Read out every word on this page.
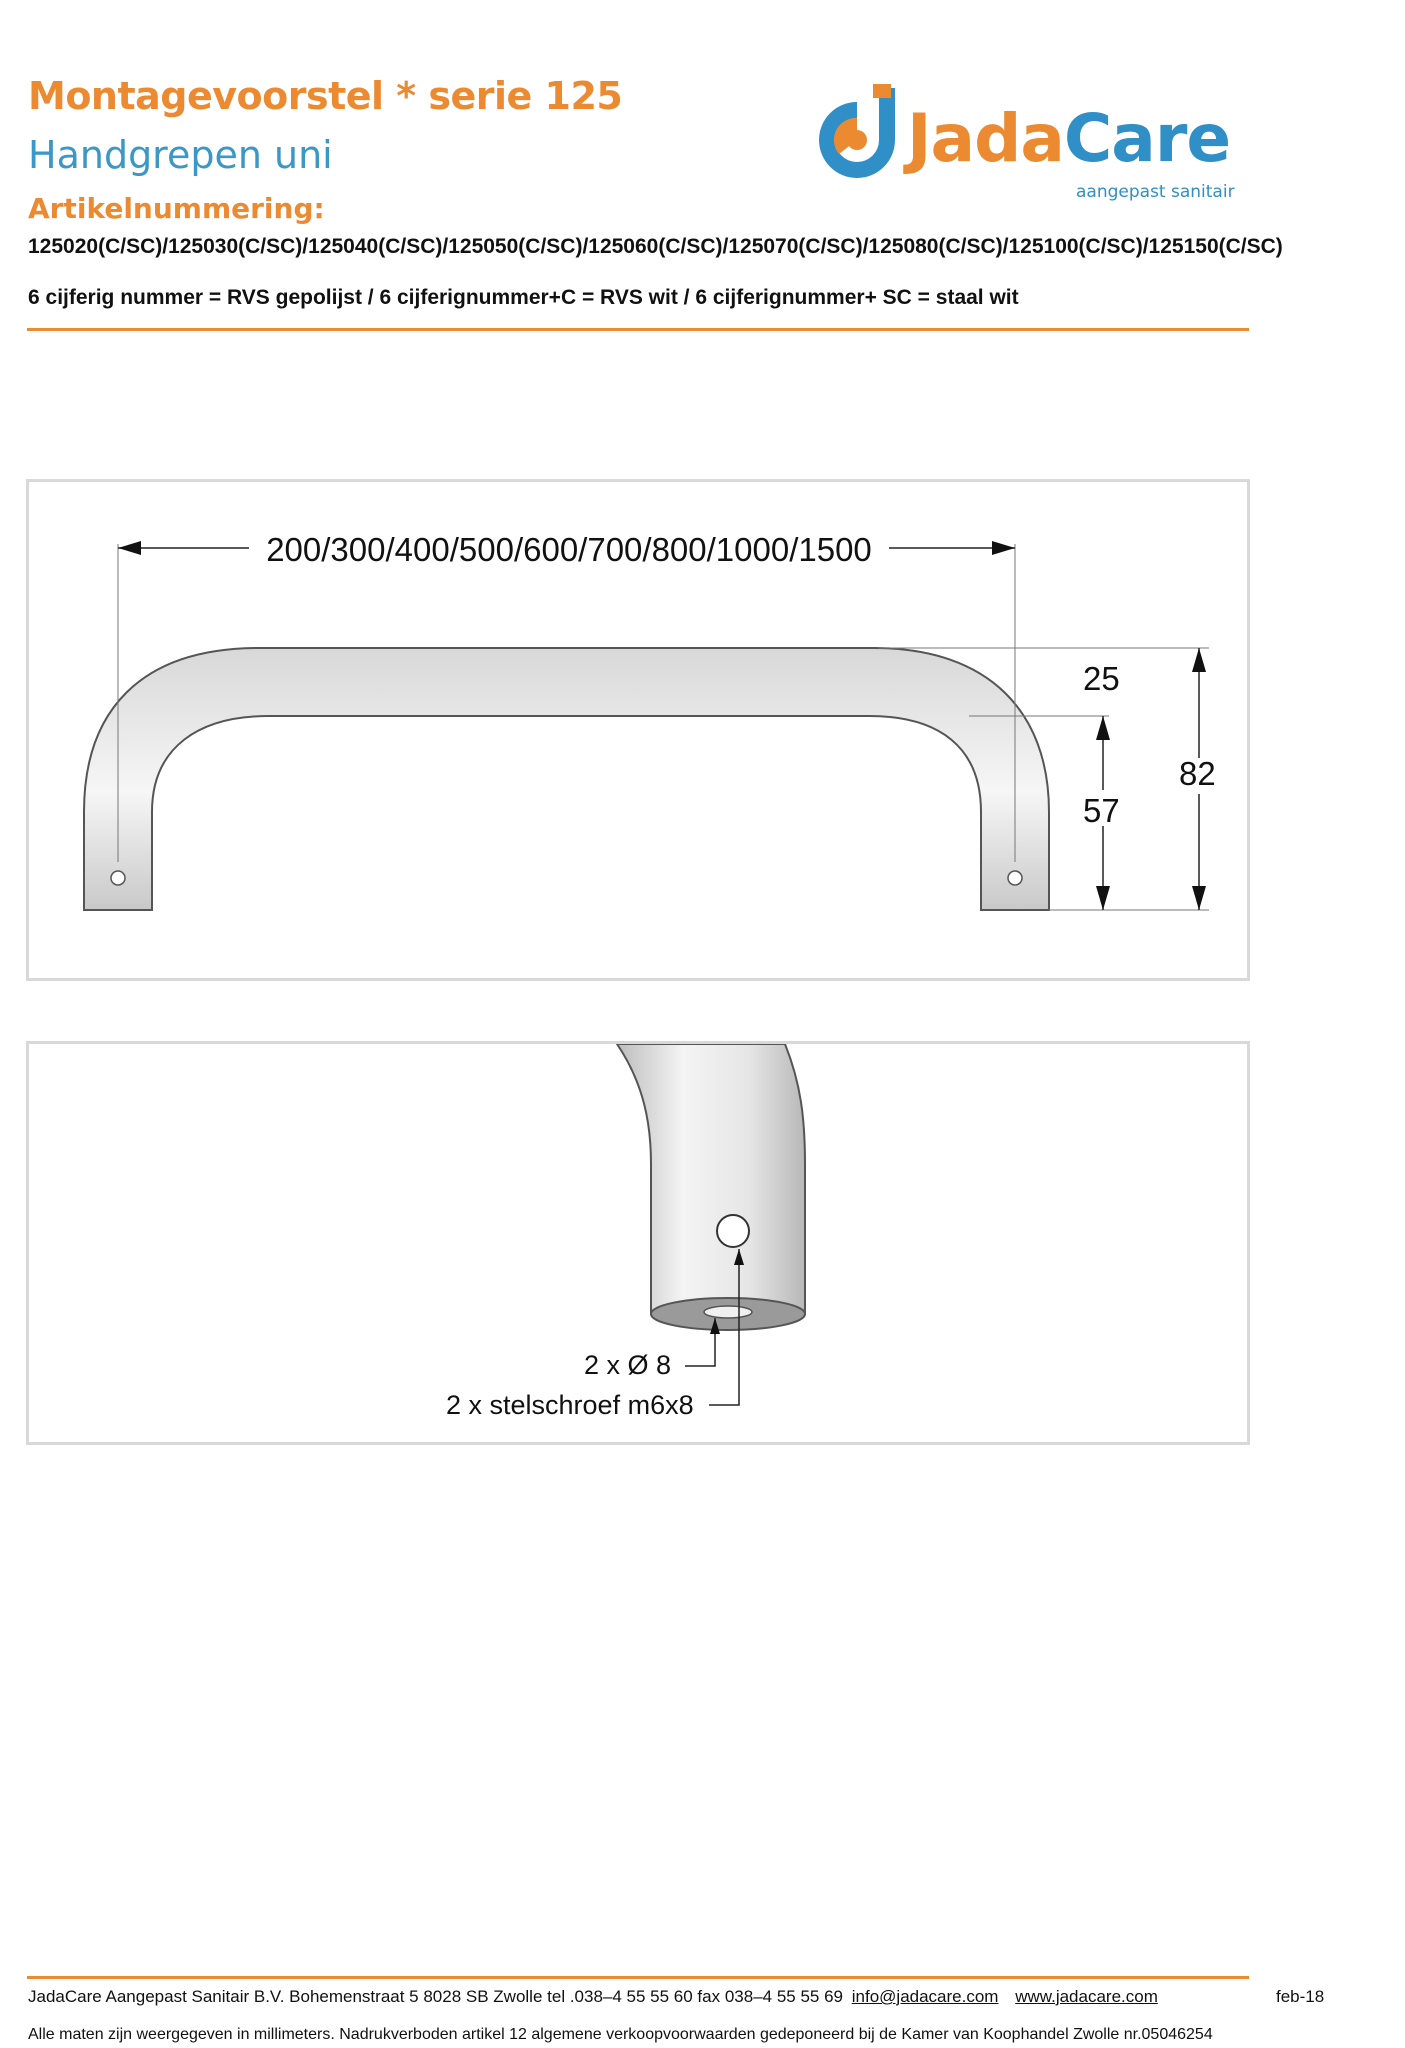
Montagevoorstel * serie 125
Handgrepen uni
Artikelnummering:
125020(C/SC)/125030(C/SC)/125040(C/SC)/125050(C/SC)/125060(C/SC)/125070(C/SC)/125080(C/SC)/125100(C/SC)/125150(C/SC)
6 cijferig nummer = RVS gepolijst / 6 cijferignummer+C = RVS wit / 6 cijferignummer+ SC = staal wit
JadaCare
aangepast sanitair
200/300/400/500/600/700/800/1000/1500
25
57
82
2 x Ø 8
2 x stelschroef m6x8
JadaCare Aangepast Sanitair B.V. Bohemenstraat 5 8028 SB Zwolle tel .038–4 55 55 60 fax 038–4 55 55 69 info@jadacare.com www.jadacare.com	feb-18
Alle maten zijn weergegeven in millimeters. Nadrukverboden artikel 12 algemene verkoopvoorwaarden gedeponeerd bij de Kamer van Koophandel Zwolle nr.05046254
